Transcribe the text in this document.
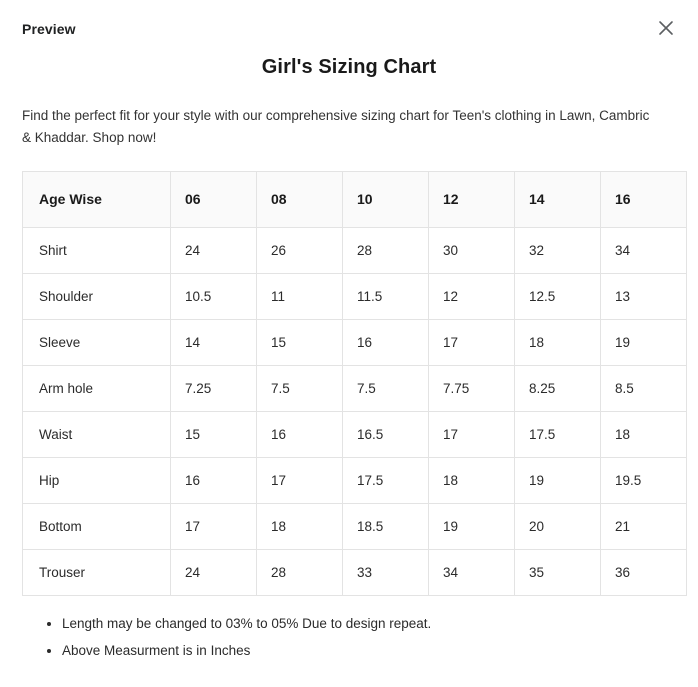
Preview
Girl's Sizing Chart

Find the perfect fit for your style with our comprehensive sizing chart for Teen's clothing in Lawn, Cambric & Khaddar. Shop now!

Age Wise	06	08	10	12	14	16
Shirt	24	26	28	30	32	34
Shoulder	10.5	11	11.5	12	12.5	13
Sleeve	14	15	16	17	18	19
Arm hole	7.25	7.5	7.5	7.75	8.25	8.5
Waist	15	16	16.5	17	17.5	18
Hip	16	17	17.5	18	19	19.5
Bottom	17	18	18.5	19	20	21
Trouser	24	28	33	34	35	36
• Length may be changed to 03% to 05% Due to design repeat.
• Above Measurment is in Inches
